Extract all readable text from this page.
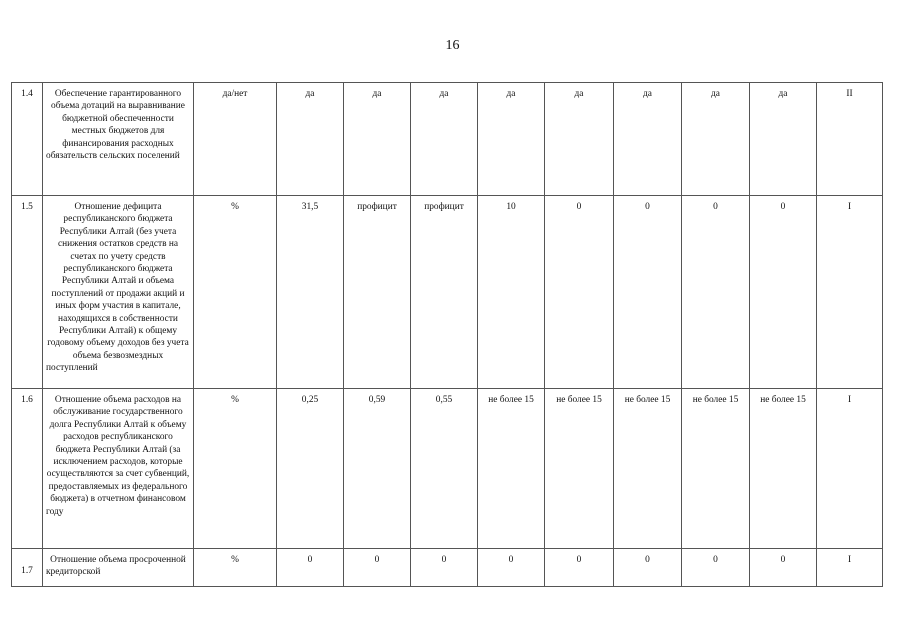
16
1.4	Обеспечение гарантированного объема дотаций на выравнивание бюджетной обеспеченности местных бюджетов для финансирования расходных обязательств сельских поселений	да/нет	да	да	да	да	да	да	да	да	II
1.5	Отношение дефицита республиканского бюджета Республики Алтай (без учета снижения остатков средств на счетах по учету средств республиканского бюджета Республики Алтай и объема поступлений от продажи акций и иных форм участия в капитале, находящихся в собственности Республики Алтай) к общему годовому объему доходов без учета объема безвозмездных поступлений	%	31,5	профицит	профицит	10	0	0	0	0	I
1.6	Отношение объема расходов на обслуживание государственного долга Республики Алтай к объему расходов республиканского бюджета Республики Алтай (за исключением расходов, которые осуществляются за счет субвенций, предоставляемых из федерального бюджета) в отчетном финансовом году	%	0,25	0,59	0,55	не более 15	не более 15	не более 15	не более 15	не более 15	I
1.7	Отношение объема просроченной кредиторской	%	0	0	0	0	0	0	0	0	I
